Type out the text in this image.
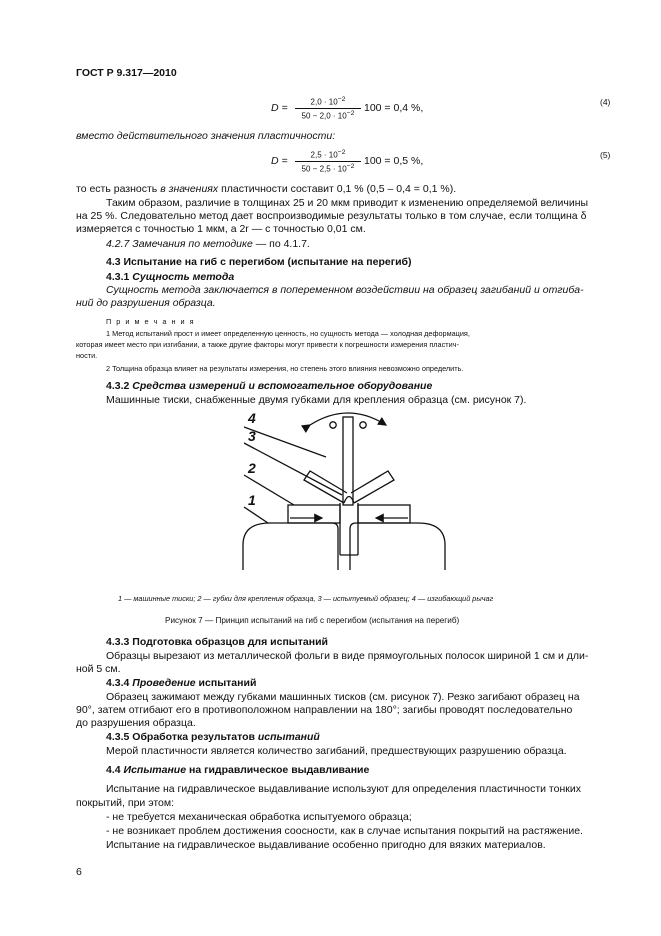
ГОСТ Р 9.317—2010
$D = \frac{2,0 \cdot 10^{-2}}{50 - 2,0 \cdot 10^{-2}} 100 = 0,4$ %,	(4)
вместо действительного значения пластичности:
$D = \frac{2,5 \cdot 10^{-2}}{50 - 2,5 \cdot 10^{-2}} 100 = 0,5$ %,	(5)
то есть разность в значениях пластичности составит 0,1 % (0,5 – 0,4 = 0,1 %).
Таким образом, различие в толщинах 25 и 20 мкм приводит к изменению определяемой величины
на 25 %. Следовательно метод дает воспроизводимые результаты только в том случае, если толщина δ
измеряется с точностью 1 мкм, а 2r — с точностью 0,01 см.
4.2.7 Замечания по методике — по 4.1.7.
4.3 Испытание на гиб с перегибом (испытание на перегиб)
4.3.1 Сущность метода
Сущность метода заключается в попеременном воздействии на образец загибаний и отгиба-
ний до разрушения образца.
П р и м е ч а н и я
1 Метод испытаний прост и имеет определенную ценность, но сущность метода — холодная деформация,
которая имеет место при изгибании, а также другие факторы могут привести к погрешности измерения пластич-
ности.
2 Толщина образца влияет на результаты измерения, но степень этого влияния невозможно определить.
4.3.2 Средства измерений и вспомогательное оборудование
Машинные тиски, снабженные двумя губками для крепления образца (см. рисунок 7).
4
3
2
1
1 — машинные тиски; 2 — губки для крепления образца, 3 — испытуемый образец; 4 — изгибающий рычаг
Рисунок 7 — Принцип испытаний на гиб с перегибом (испытания на перегиб)
4.3.3 Подготовка образцов для испытаний
Образцы вырезают из металлической фольги в виде прямоугольных полосок шириной 1 см и дли-
ной 5 см.
4.3.4 Проведение испытаний
Образец зажимают между губками машинных тисков (см. рисунок 7). Резко загибают образец на
90°, затем отгибают его в противоположном направлении на 180°; загибы проводят последовательно
до разрушения образца.
4.3.5 Обработка результатов испытаний
Мерой пластичности является количество загибаний, предшествующих разрушению образца.
4.4 Испытание на гидравлическое выдавливание
Испытание на гидравлическое выдавливание используют для определения пластичности тонких
покрытий, при этом:
- не требуется механическая обработка испытуемого образца;
- не возникает проблем достижения соосности, как в случае испытания покрытий на растяжение.
Испытание на гидравлическое выдавливание особенно пригодно для вязких материалов.
6
